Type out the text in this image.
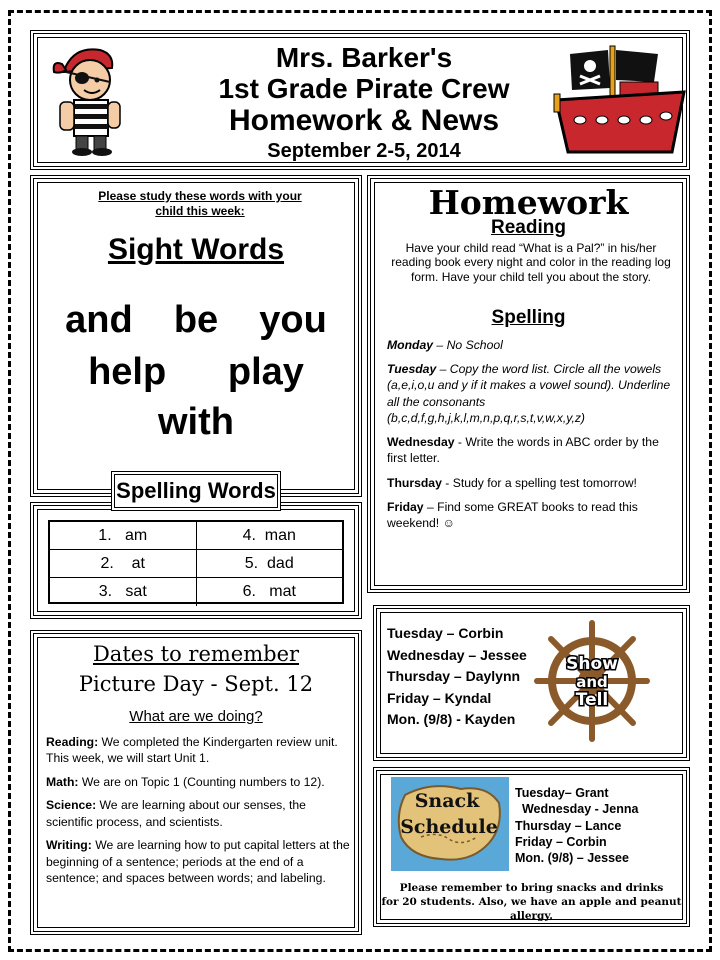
Mrs. Barker's
1st Grade Pirate Crew
Homework & News
September 2-5, 2014
Please study these words with your
child this week:
Sight Words
and  be  you
help   play
with
Spelling Words
1.   am	4.  man
2.    at	5.  dad
3.   sat	6.   mat
Dates to remember
Picture Day - Sept. 12
What are we doing?

Reading: We completed the Kindergarten review unit. This week, we will start Unit 1.

Math: We are on Topic 1 (Counting numbers to 12).

Science: We are learning about our senses, the scientific process, and scientists.

Writing: We are learning how to put capital letters at the beginning of a sentence; periods at the end of a sentence; and spaces between words; and labeling.

Homework
Reading
Have your child read “What is a Pal?” in his/her reading book every night and color in the reading log form. Have your child tell you about the story.
Spelling

Monday – No School

Tuesday – Copy the word list. Circle all the vowels (a,e,i,o,u and y if it makes a vowel sound). Underline all the consonants (b,c,d,f,g,h,j,k,l,m,n,p,q,r,s,t,v,w,x,y,z)

Wednesday - Write the words in ABC order by the first letter.

Thursday - Study for a spelling test tomorrow!

Friday – Find some GREAT books to read this weekend! ☺

Tuesday – Corbin
Wednesday – Jessee
Thursday – Daylynn
Friday – Kyndal
Mon. (9/8) - Kayden
Show
and
Tell
Snack
Schedule
Tuesday– Grant
Wednesday - Jenna
Thursday – Lance
Friday – Corbin
Mon. (9/8) – Jessee
Please remember to bring snacks and drinks
for 20 students. Also, we have an apple and peanut allergy.
